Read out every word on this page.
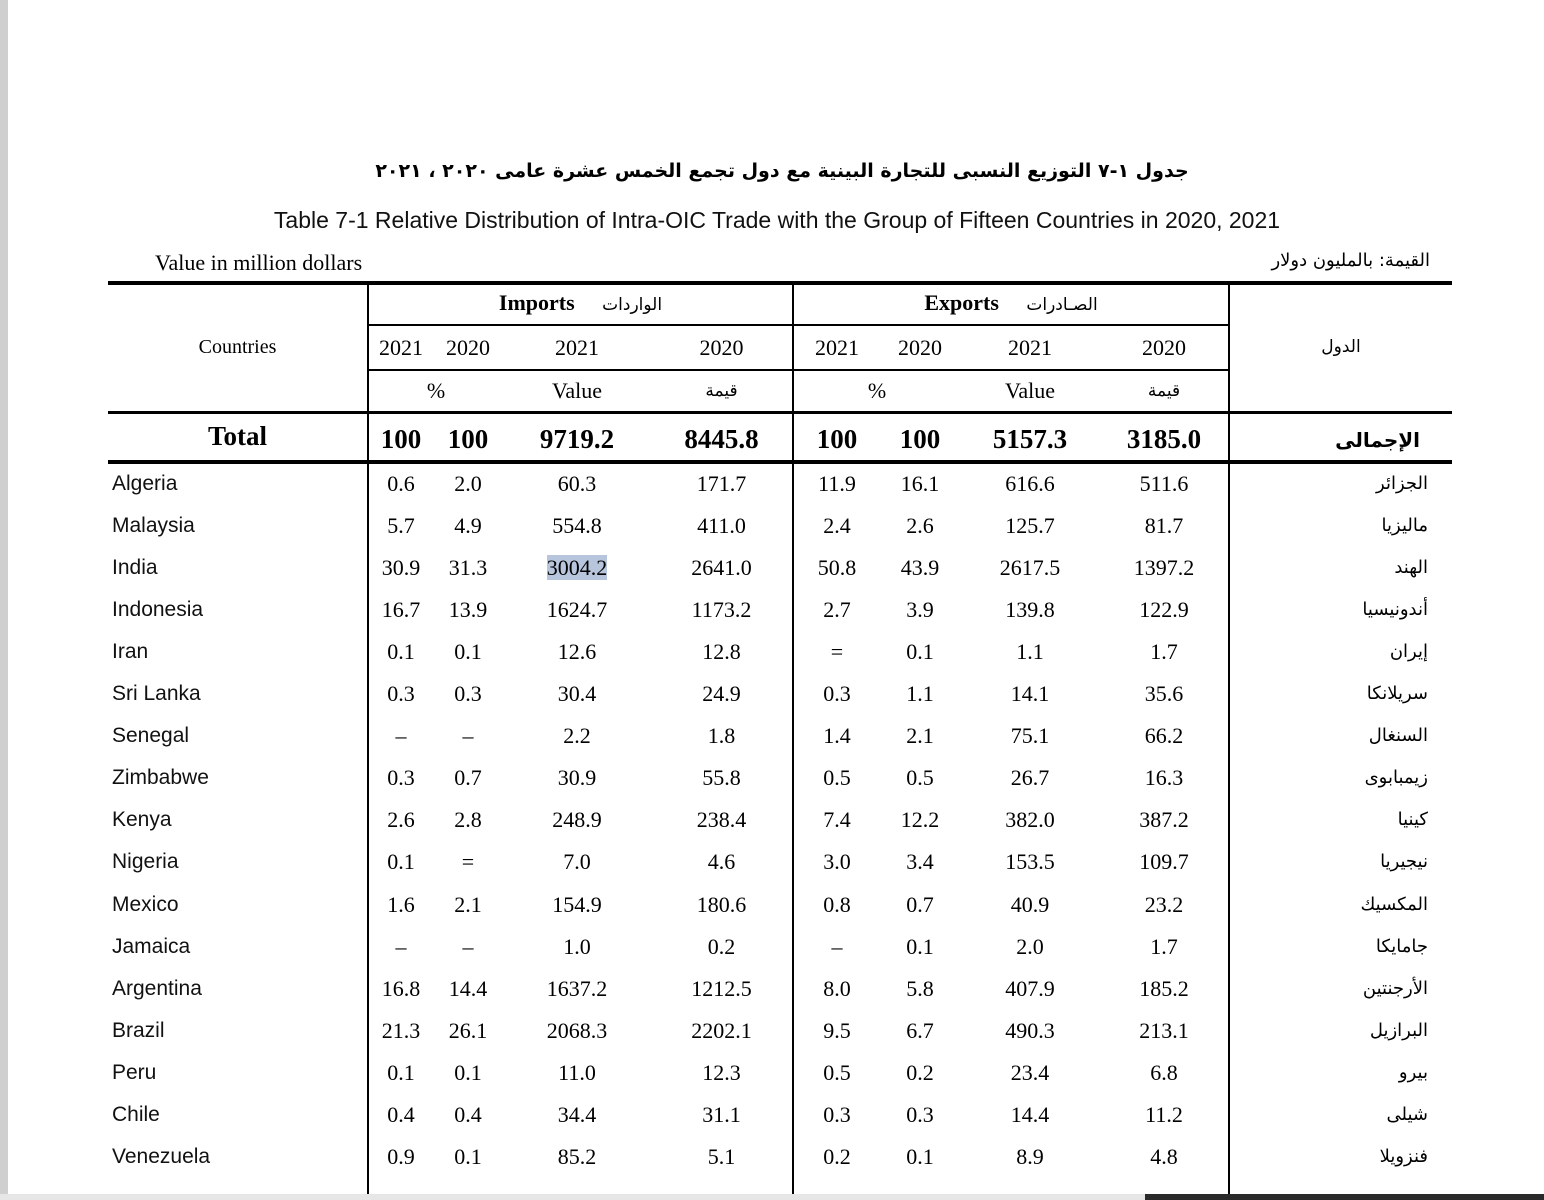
جدول ١-٧ التوزيع النسبى للتجارة البينية مع دول تجمع الخمس عشرة عامى ٢٠٢٠ ، ٢٠٢١
Table 7-1 Relative Distribution of Intra-OIC Trade with the Group of Fifteen Countries in 2020, 2021
Value in million dollars	القيمة: بالمليون دولار
Countries	الدول
Imports الواردات	Exports الصـادرات
2021	2020	2021	2020	2021	2020	2021	2020
%	Value	قيمة	%	Value	قيمة
Total	100 100	9719.2	8445.8	100	100	5157.3	3185.0	الإجمالى
Algeria	0.6	2.0	60.3	171.7	11.9	16.1	616.6	511.6	الجزائر
Malaysia	5.7	4.9	554.8	411.0	2.4	2.6	125.7	81.7	ماليزيا
India	30.9	31.3	3004.2	2641.0	50.8	43.9	2617.5	1397.2	الهند
Indonesia	16.7	13.9	1624.7	1173.2	2.7	3.9	139.8	122.9	أندونيسيا
Iran	0.1	0.1	12.6	12.8	=	0.1	1.1	1.7	إيران
Sri Lanka	0.3	0.3	30.4	24.9	0.3	1.1	14.1	35.6	سريلانكا
Senegal	–	–	2.2	1.8	1.4	2.1	75.1	66.2	السنغال
Zimbabwe	0.3	0.7	30.9	55.8	0.5	0.5	26.7	16.3	زيمبابوى
Kenya	2.6	2.8	248.9	238.4	7.4	12.2	382.0	387.2	كينيا
Nigeria	0.1	=	7.0	4.6	3.0	3.4	153.5	109.7	نيجيريا
Mexico	1.6	2.1	154.9	180.6	0.8	0.7	40.9	23.2	المكسيك
Jamaica	–	–	1.0	0.2	–	0.1	2.0	1.7	جامايكا
Argentina	16.8	14.4	1637.2	1212.5	8.0	5.8	407.9	185.2	الأرجنتين
Brazil	21.3	26.1	2068.3	2202.1	9.5	6.7	490.3	213.1	البرازيل
Peru	0.1	0.1	11.0	12.3	0.5	0.2	23.4	6.8	بيرو
Chile	0.4	0.4	34.4	31.1	0.3	0.3	14.4	11.2	شيلى
Venezuela	0.9	0.1	85.2	5.1	0.2	0.1	8.9	4.8	فنزويلا
